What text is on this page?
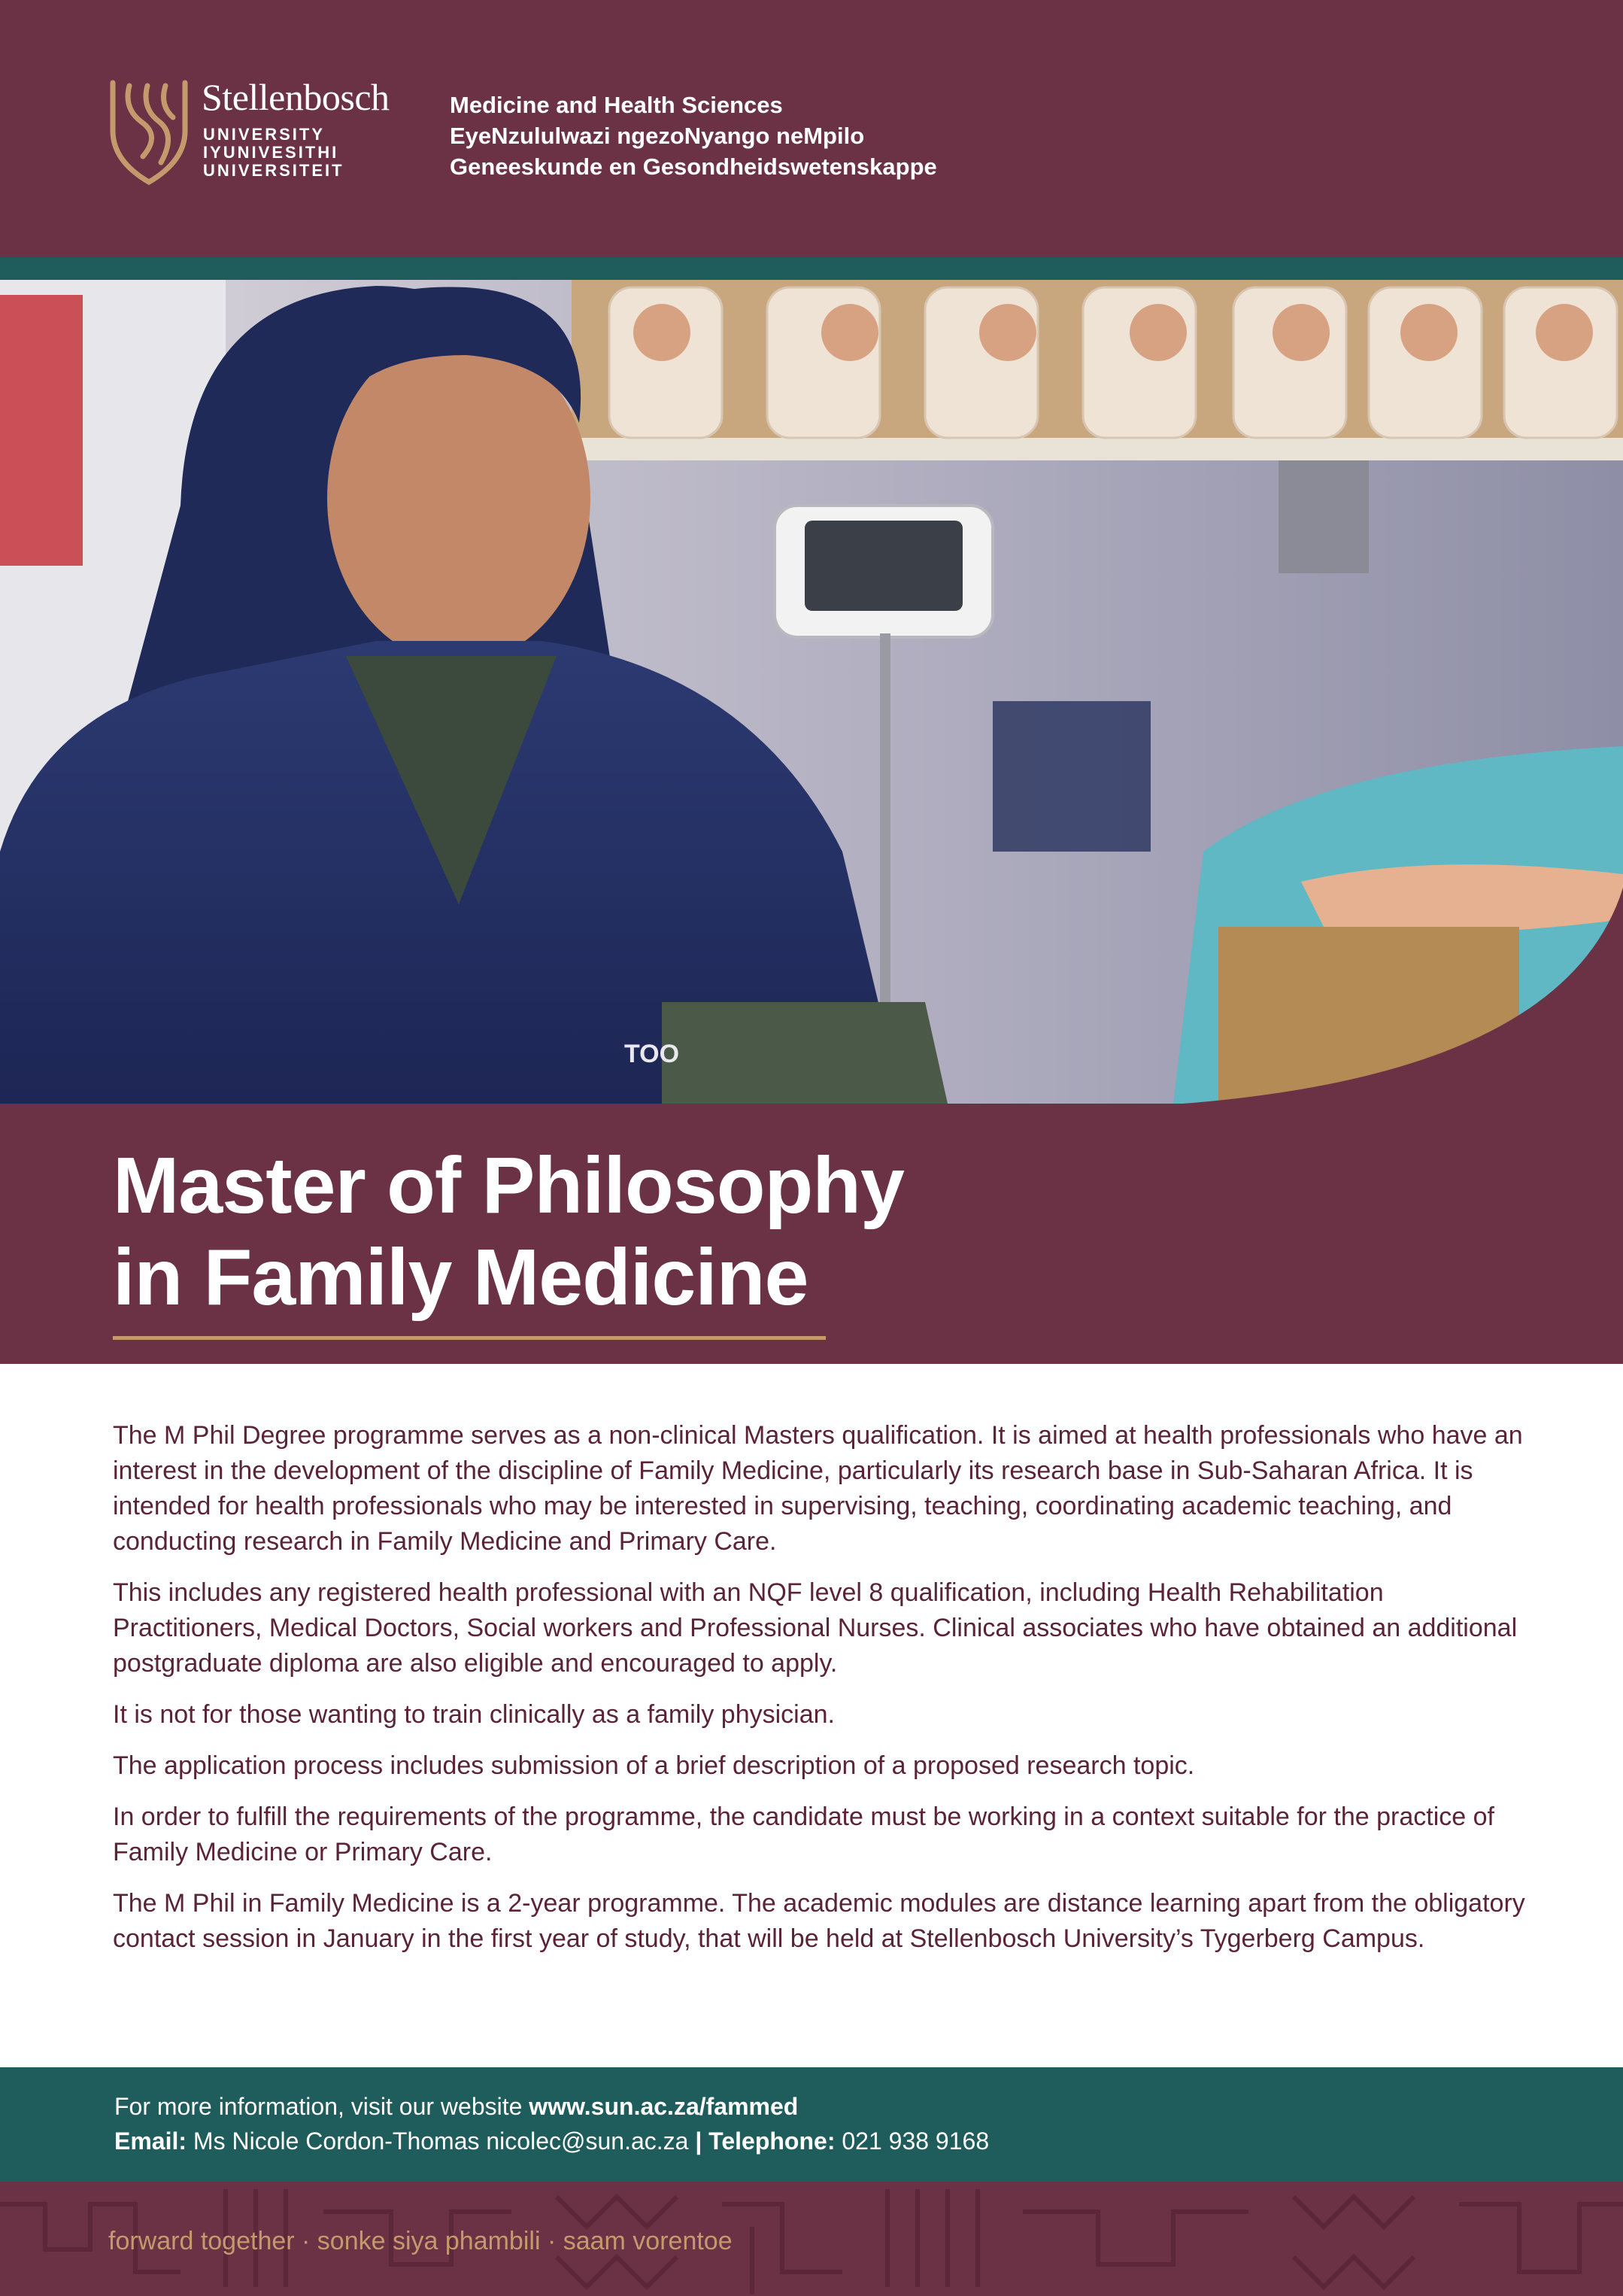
Stellenbosch
UNIVERSITY
IYUNIVESITHI
UNIVERSITEIT
Medicine and Health Sciences
EyeNzululwazi ngezoNyango neMpilo
Geneeskunde en Gesondheidswetenskappe
TOO
Master of Philosophy
in Family Medicine

The M Phil Degree programme serves as a non-clinical Masters qualification. It is aimed at health professionals who have an interest in the development of the discipline of Family Medicine, particularly its research base in Sub-Saharan Africa. It is intended for health professionals who may be interested in supervising, teaching, coordinating academic teaching, and conducting research in Family Medicine and Primary Care.

This includes any registered health professional with an NQF level 8 qualification, including Health Rehabilitation Practitioners, Medical Doctors, Social workers and Professional Nurses. Clinical associates who have obtained an additional postgraduate diploma are also eligible and encouraged to apply.

It is not for those wanting to train clinically as a family physician.

The application process includes submission of a brief description of a proposed research topic.

In order to fulfill the requirements of the programme, the candidate must be working in a context suitable for the practice of Family Medicine or Primary Care.

The M Phil in Family Medicine is a 2-year programme. The academic modules are distance learning apart from the obligatory contact session in January in the first year of study, that will be held at Stellenbosch University’s Tygerberg Campus.

For more information, visit our website www.sun.ac.za/fammed
Email: Ms Nicole Cordon-Thomas nicolec@sun.ac.za | Telephone: 021 938 9168
forward together · sonke siya phambili · saam vorentoe
